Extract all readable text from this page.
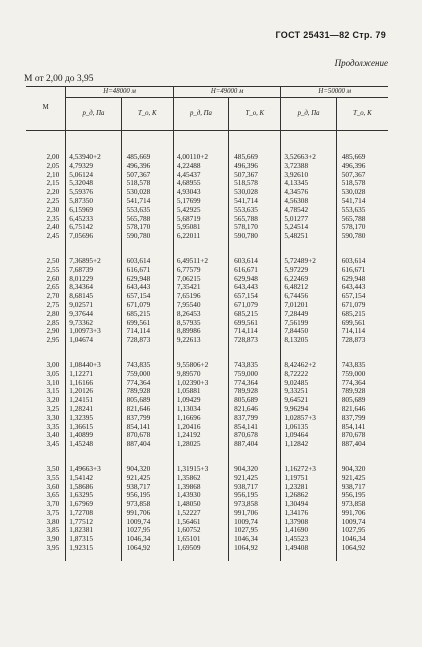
ГОСТ 25431—82 Стр. 79
Продолжение
М от 2,00 до 3,95
М	Н=48000 м		Н=49000 м		Н=50000 м	
	р_д, Па	Т_о, К	р_д, Па	Т_о, К	р_д, Па	Т_о, К

2,00	4,53940+2	485,669	4,00110+2	485,669	3,52663+2	485,669
2,05	4,79329	496,396	4,22488	496,396	3,72388	496,396
2,10	5,06124	507,367	4,45437	507,367	3,92610	507,367
2,15	5,32048	518,578	4,68955	518,578	4,13345	518,578
2,20	5,59376	530,028	4,93043	530,028	4,34576	530,028
2,25	5,87350	541,714	5,17699	541,714	4,56308	541,714
2,30	6,15969	553,635	5,42925	553,635	4,78542	553,635
2,35	6,45233	565,788	5,68719	565,788	5,01277	565,788
2,40	6,75142	578,170	5,95081	578,170	5,24514	578,170
2,45	7,05696	590,780	6,22011	590,780	5,48251	590,780

2,50	7,36895+2	603,614	6,49511+2	603,614	5,72489+2	603,614
2,55	7,68739	616,671	6,77579	616,671	5,97229	616,671
2,60	8,01229	629,948	7,06215	629,948	6,22469	629,948
2,65	8,34364	643,443	7,35421	643,443	6,48212	643,443
2,70	8,68145	657,154	7,65196	657,154	6,74456	657,154
2,75	9,02571	671,079	7,95540	671,079	7,01201	671,079
2,80	9,37644	685,215	8,26453	685,215	7,28449	685,215
2,85	9,73362	699,561	8,57935	699,561	7,56199	699,561
2,90	1,00973+3	714,114	8,89986	714,114	7,84450	714,114
2,95	1,04674	728,873	9,22613	728,873	8,13205	728,873

3,00	1,08440+3	743,835	9,55806+2	743,835	8,42462+2	743,835
3,05	1,12271	759,000	9,89570	759,000	8,72222	759,000
3,10	1,16166	774,364	1,02390+3	774,364	9,02485	774,364
3,15	1,20126	789,928	1,05881	789,928	9,33251	789,928
3,20	1,24151	805,689	1,09429	805,689	9,64521	805,689
3,25	1,28241	821,646	1,13034	821,646	9,96294	821,646
3,30	1,32395	837,799	1,16696	837,799	1,02857+3	837,799
3,35	1,36615	854,141	1,20416	854,141	1,06135	854,141
3,40	1,40899	870,678	1,24192	870,678	1,09464	870,678
3,45	1,45248	887,404	1,28025	887,404	1,12842	887,404

3,50	1,49663+3	904,320	1,31915+3	904,320	1,16272+3	904,320
3,55	1,54142	921,425	1,35862	921,425	1,19751	921,425
3,60	1,58686	938,717	1,39868	938,717	1,23281	938,717
3,65	1,63295	956,195	1,43930	956,195	1,26862	956,195
3,70	1,67969	973,858	1,48050	973,858	1,30494	973,858
3,75	1,72708	991,706	1,52227	991,706	1,34176	991,706
3,80	1,77512	1009,74	1,56461	1009,74	1,37908	1009,74
3,85	1,82381	1027,95	1,60752	1027,95	1,41690	1027,95
3,90	1,87315	1046,34	1,65101	1046,34	1,45523	1046,34
3,95	1,92315	1064,92	1,69509	1064,92	1,49408	1064,92
